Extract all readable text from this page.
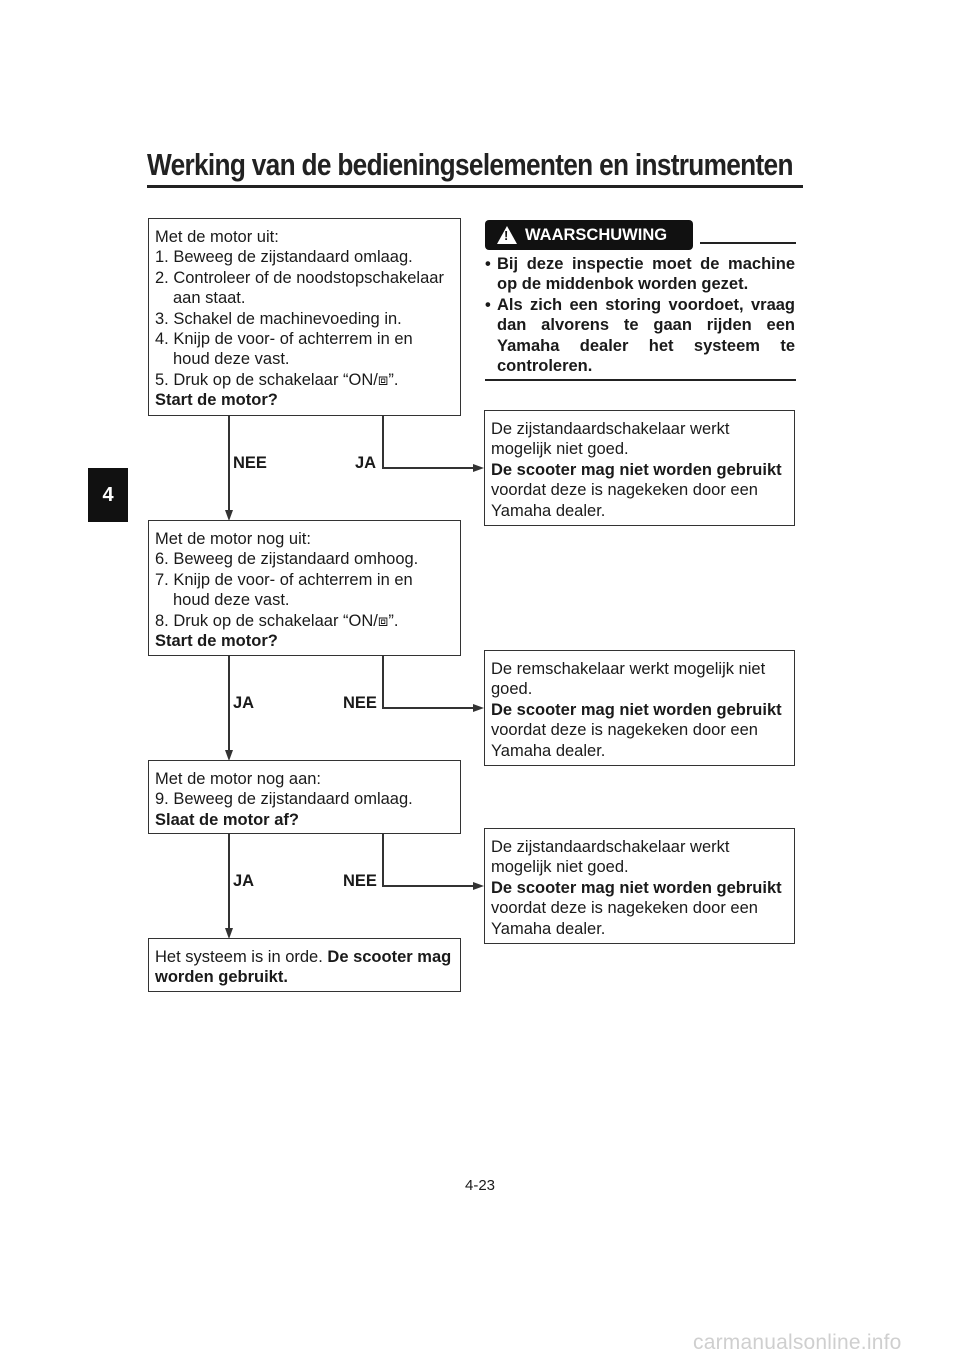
Werking van de bedieningselementen en instrumenten
4
Met de motor uit:
1. Beweeg de zijstandaard omlaag.
2. Controleer of de noodstopschakelaar
aan staat.
3. Schakel de machinevoeding in.
4. Knijp de voor- of achterrem in en
houd deze vast.
5. Druk op de schakelaar “ON/⧈”.
Start de motor?
NEE	JA
De zijstandaardschakelaar werkt
mogelijk niet goed.
De scooter mag niet worden gebruikt
voordat deze is nagekeken door een
Yamaha dealer.
Met de motor nog uit:
6. Beweeg de zijstandaard omhoog.
7. Knijp de voor- of achterrem in en
houd deze vast.
8. Druk op de schakelaar “ON/⧈”.
Start de motor?
JA	NEE
De remschakelaar werkt mogelijk niet
goed.
De scooter mag niet worden gebruikt
voordat deze is nagekeken door een
Yamaha dealer.
Met de motor nog aan:
9. Beweeg de zijstandaard omlaag.
Slaat de motor af?
JA	NEE
De zijstandaardschakelaar werkt
mogelijk niet goed.
De scooter mag niet worden gebruikt
voordat deze is nagekeken door een
Yamaha dealer.
Het systeem is in orde. De scooter mag
worden gebruikt.
! WAARSCHUWING
• Bij deze inspectie moet de machine op de middenbok worden gezet.
• Als zich een storing voordoet, vraag dan alvorens te gaan rijden een Yamaha dealer het systeem te controleren.
4-23
carmanualsonline.info
